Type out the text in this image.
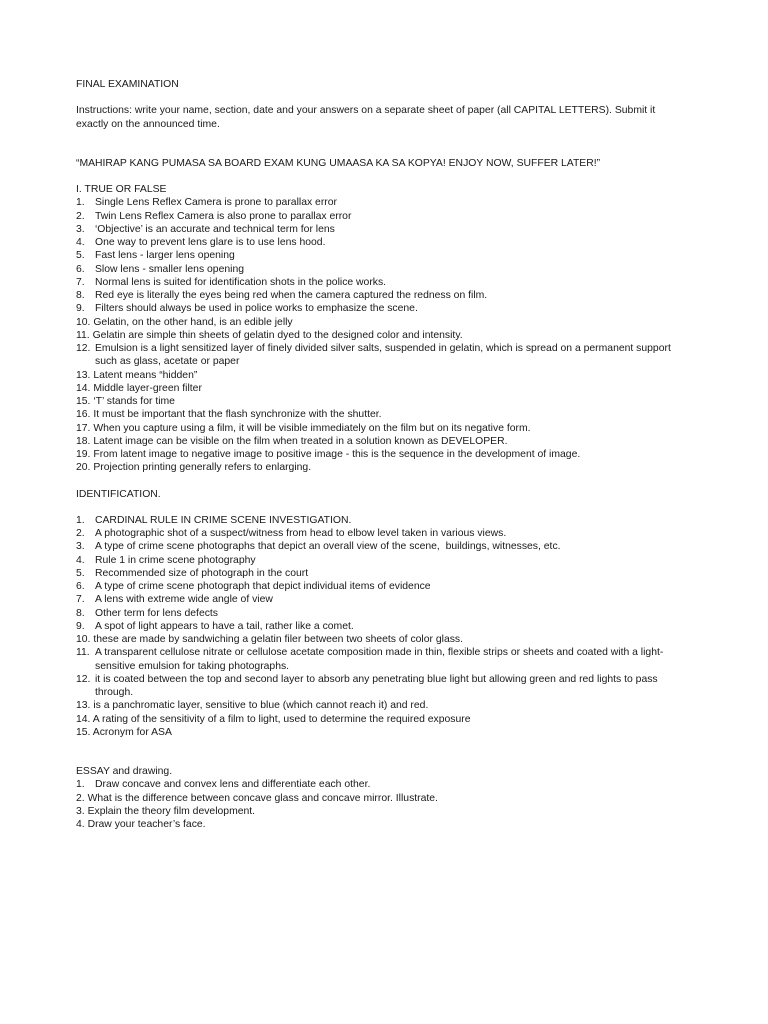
FINAL EXAMINATION

Instructions: write your name, section, date and your answers on a separate sheet of paper (all CAPITAL LETTERS). Submit it exactly on the announced time.

“MAHIRAP KANG PUMASA SA BOARD EXAM KUNG UMAASA KA SA KOPYA! ENJOY NOW, SUFFER LATER!”

I. TRUE OR FALSE

1. Single Lens Reflex Camera is prone to parallax error
2. Twin Lens Reflex Camera is also prone to parallax error
3. ‘Objective’ is an accurate and technical term for lens
4. One way to prevent lens glare is to use lens hood.
5. Fast lens - larger lens opening
6. Slow lens - smaller lens opening
7. Normal lens is suited for identification shots in the police works.
8. Red eye is literally the eyes being red when the camera captured the redness on film.
9. Filters should always be used in police works to emphasize the scene.
10. Gelatin, on the other hand, is an edible jelly
11. Gelatin are simple thin sheets of gelatin dyed to the designed color and intensity.
12. Emulsion is a light sensitized layer of finely divided silver salts, suspended in gelatin, which is spread on a permanent support such as glass, acetate or paper
13. Latent means “hidden”
14. Middle layer-green filter
15. ‘T’ stands for time
16. It must be important that the flash synchronize with the shutter.
17. When you capture using a film, it will be visible immediately on the film but on its negative form.
18. Latent image can be visible on the film when treated in a solution known as DEVELOPER.
19. From latent image to negative image to positive image - this is the sequence in the development of image.
20. Projection printing generally refers to enlarging.

IDENTIFICATION.

1. CARDINAL RULE IN CRIME SCENE INVESTIGATION.
2. A photographic shot of a suspect/witness from head to elbow level taken in various views.
3. A type of crime scene photographs that depict an overall view of the scene,  buildings, witnesses, etc.
4. Rule 1 in crime scene photography
5. Recommended size of photograph in the court
6. A type of crime scene photograph that depict individual items of evidence
7. A lens with extreme wide angle of view
8. Other term for lens defects
9. A spot of light appears to have a tail, rather like a comet.
10. these are made by sandwiching a gelatin filer between two sheets of color glass.
11. A transparent cellulose nitrate or cellulose acetate composition made in thin, flexible strips or sheets and coated with a light-sensitive emulsion for taking photographs.
12. it is coated between the top and second layer to absorb any penetrating blue light but allowing green and red lights to pass through.
13. is a panchromatic layer, sensitive to blue (which cannot reach it) and red.
14. A rating of the sensitivity of a film to light, used to determine the required exposure
15. Acronym for ASA

ESSAY and drawing.

1. Draw concave and convex lens and differentiate each other.
2. What is the difference between concave glass and concave mirror. Illustrate.
3. Explain the theory film development.
4. Draw your teacher’s face.
